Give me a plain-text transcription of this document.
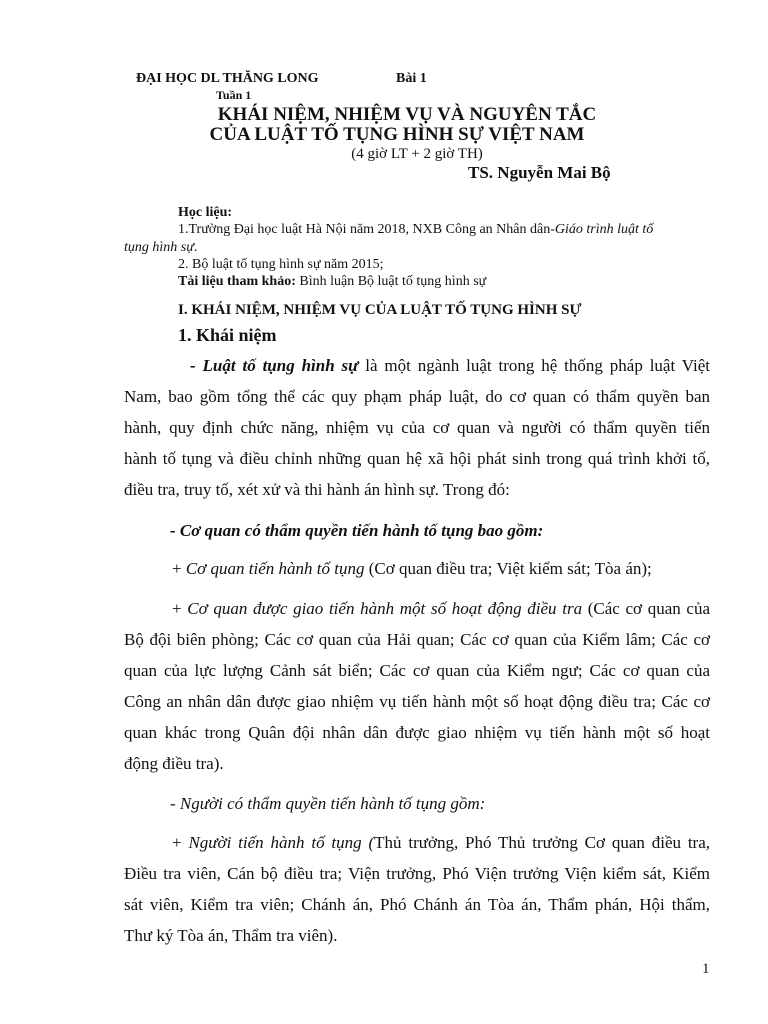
ĐẠI HỌC DL THĂNG LONG	Bài 1
Tuần 1
KHÁI NIỆM, NHIỆM VỤ VÀ NGUYÊN TẮC
CỦA LUẬT TỐ TỤNG HÌNH SỰ VIỆT NAM
(4 giờ LT + 2 giờ TH)
TS. Nguyễn Mai Bộ
Học liệu:
1.Trường Đại học luật Hà Nội năm 2018, NXB Công an Nhân dân-Giáo trình luật tố
tụng hình sự.
2. Bộ luật tố tụng hình sự năm 2015;
Tài liệu tham khảo: Bình luận Bộ luật tố tụng hình sự
I. KHÁI NIỆM, NHIỆM VỤ CỦA LUẬT TỐ TỤNG HÌNH SỰ
1. Khái niệm
- Luật tố tụng hình sự là một ngành luật trong hệ thống pháp luật Việt
Nam, bao gồm tổng thể các quy phạm pháp luật, do cơ quan có thẩm quyền ban
hành, quy định chức năng, nhiệm vụ của cơ quan và người có thẩm quyền tiến
hành tố tụng và điều chỉnh những quan hệ xã hội phát sinh trong quá trình khởi tố,
điều tra, truy tố, xét xử và thi hành án hình sự. Trong đó:
- Cơ quan có thẩm quyền tiến hành tố tụng bao gồm:
+ Cơ quan tiến hành tố tụng (Cơ quan điều tra; Việt kiểm sát; Tòa án);
+ Cơ quan được giao tiến hành một số hoạt động điều tra (Các cơ quan của
Bộ đội biên phòng; Các cơ quan của Hải quan; Các cơ quan của Kiểm lâm; Các cơ
quan của lực lượng Cảnh sát biển; Các cơ quan của Kiểm ngư; Các cơ quan của
Công an nhân dân được giao nhiệm vụ tiến hành một số hoạt động điều tra; Các cơ
quan khác trong Quân đội nhân dân được giao nhiệm vụ tiến hành một số hoạt
động điều tra).
- Người có thẩm quyền tiến hành tố tụng gồm:
+ Người tiến hành tố tụng (Thủ trưởng, Phó Thủ trưởng Cơ quan điều tra,
Điều tra viên, Cán bộ điều tra; Viện trưởng, Phó Viện trưởng Viện kiểm sát, Kiểm
sát viên, Kiểm tra viên; Chánh án, Phó Chánh án Tòa án, Thẩm phán, Hội thẩm,
Thư ký Tòa án, Thẩm tra viên).
1
